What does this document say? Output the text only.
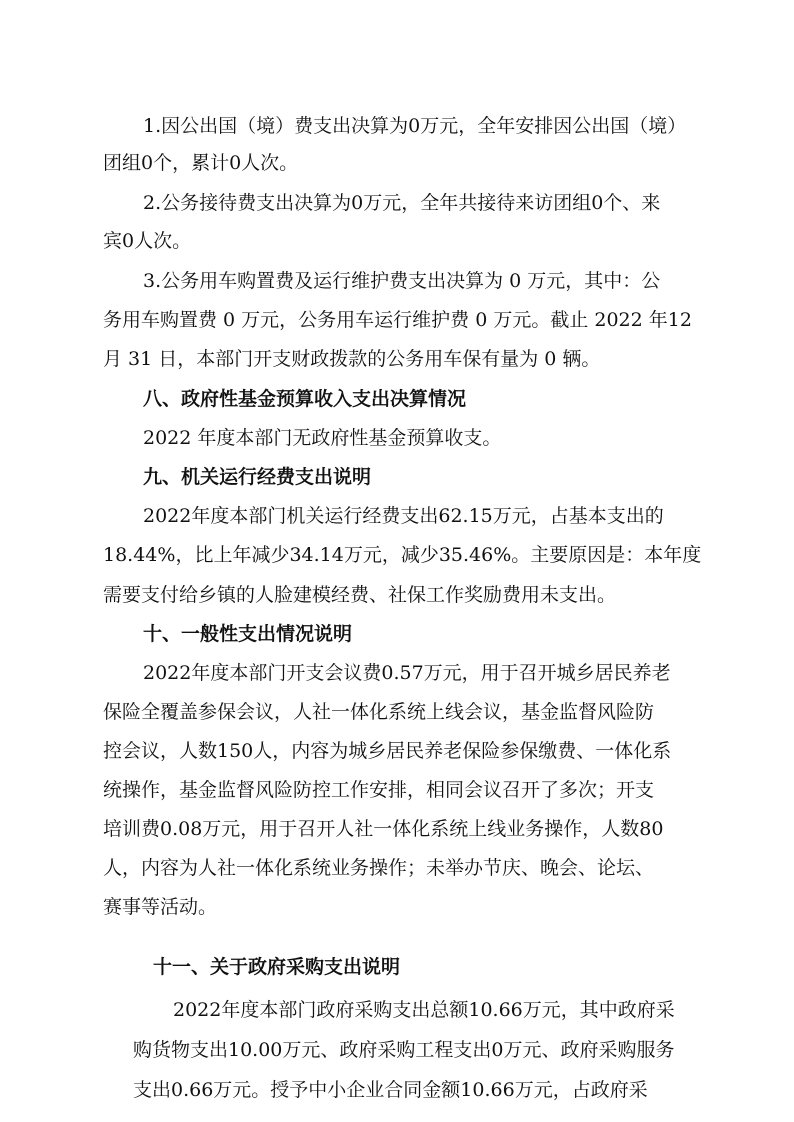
1.因公出国（境）费支出决算为0万元，全年安排因公出国（境）
团组0个，累计0人次。
2.公务接待费支出决算为0万元，全年共接待来访团组0个、来
宾0人次。
3.公务用车购置费及运行维护费支出决算为 0 万元，其中：公
务用车购置费 0 万元，公务用车运行维护费 0 万元。截止 2022 年12
月 31 日，本部门开支财政拨款的公务用车保有量为 0 辆。
八、政府性基金预算收入支出决算情况
2022 年度本部门无政府性基金预算收支。
九、机关运行经费支出说明
2022年度本部门机关运行经费支出62.15万元，占基本支出的
18.44%，比上年减少34.14万元，减少35.46%。主要原因是：本年度
需要支付给乡镇的人脸建模经费、社保工作奖励费用未支出。
十、一般性支出情况说明
2022年度本部门开支会议费0.57万元，用于召开城乡居民养老
保险全覆盖参保会议，人社一体化系统上线会议，基金监督风险防
控会议，人数150人，内容为城乡居民养老保险参保缴费、一体化系
统操作，基金监督风险防控工作安排，相同会议召开了多次；开支
培训费0.08万元，用于召开人社一体化系统上线业务操作，人数80
人，内容为人社一体化系统业务操作；未举办节庆、晚会、论坛、
赛事等活动。
十一、关于政府采购支出说明
2022年度本部门政府采购支出总额10.66万元，其中政府采
购货物支出10.00万元、政府采购工程支出0万元、政府采购服务
支出0.66万元。授予中小企业合同金额10.66万元，占政府采
